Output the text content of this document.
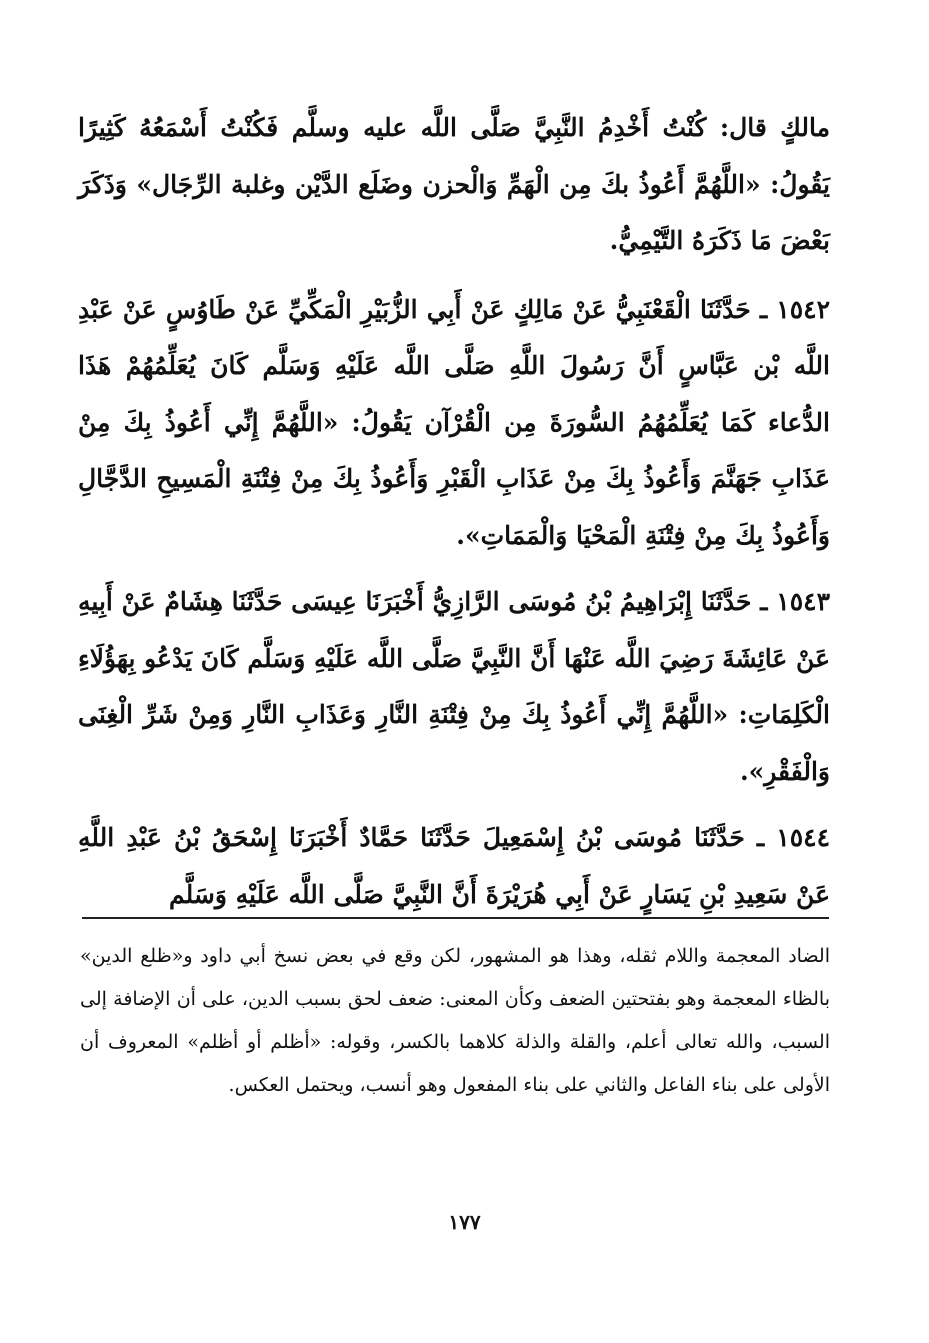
مالكٍ قال: كُنْتُ أَخْدِمُ النَّبِيَّ صَلَّى اللَّه عليه وسلَّم فَكُنْتُ أَسْمَعُهُ كَثِيرًا يَقُولُ: «اللَّهُمَّ أَعُوذُ بكَ مِن الْهَمِّ وَالْحزن وضَلَع الدَّيْن وغلبة الرِّجَال» وَذَكَرَ بَعْضَ مَا ذَكَرَهُ التَّيْمِيُّ.

١٥٤٢ ـ حَدَّثَنَا الْقَعْنَبِيُّ عَنْ مَالِكٍ عَنْ أَبِي الزُّبَيْرِ الْمَكِّيِّ عَنْ طَاوُسٍ عَنْ عَبْدِ اللَّه بْن عَبَّاسٍ أَنَّ رَسُولَ اللَّهِ صَلَّى اللَّه عَلَيْهِ وَسَلَّم كَانَ يُعَلِّمُهُمْ هَذَا الدُّعاء كَمَا يُعَلِّمُهُمُ السُّورَةَ مِن الْقُرْآن يَقُولُ: «اللَّهُمَّ إِنِّي أَعُوذُ بِكَ مِنْ عَذَابِ جَهَنَّمَ وَأَعُوذُ بِكَ مِنْ عَذَابِ الْقَبْرِ وَأَعُوذُ بِكَ مِنْ فِتْنَةِ الْمَسِيحِ الدَّجَّالِ وَأَعُوذُ بِكَ مِنْ فِتْنَةِ الْمَحْيَا وَالْمَمَاتِ».

١٥٤٣ ـ حَدَّثَنَا إِبْرَاهِيمُ بْنُ مُوسَى الرَّازِيُّ أَخْبَرَنَا عِيسَى حَدَّثَنَا هِشَامٌ عَنْ أَبِيهِ عَنْ عَائِشَةَ رَضِيَ اللَّه عَنْهَا أَنَّ النَّبِيَّ صَلَّى اللَّه عَلَيْهِ وَسَلَّم كَانَ يَدْعُو بِهَؤُلَاءِ الْكَلِمَاتِ: «اللَّهُمَّ إِنِّي أَعُوذُ بِكَ مِنْ فِتْنَةِ النَّارِ وَعَذَابِ النَّارِ وَمِنْ شَرِّ الْغِنَى وَالْفَقْرِ».

١٥٤٤ ـ حَدَّثَنَا مُوسَى بْنُ إِسْمَعِيلَ حَدَّثَنَا حَمَّادٌ أَخْبَرَنَا إِسْحَقُ بْنُ عَبْدِ اللَّهِ عَنْ سَعِيدِ بْنِ يَسَارٍ عَنْ أَبِي هُرَيْرَةَ أَنَّ النَّبِيَّ صَلَّى اللَّه عَلَيْهِ وَسَلَّم

الضاد المعجمة واللام ثقله، وهذا هو المشهور، لكن وقع في بعض نسخ أبي داود و«ظلع الدين» بالظاء المعجمة وهو بفتحتين الضعف وكأن المعنى: ضعف لحق بسبب الدين، على أن الإضافة إلى السبب، والله تعالى أعلم، والقلة والذلة كلاهما بالكسر، وقوله: «أظلم أو أظلم» المعروف أن الأولى على بناء الفاعل والثاني على بناء المفعول وهو أنسب، ويحتمل العكس.

١٧٧
